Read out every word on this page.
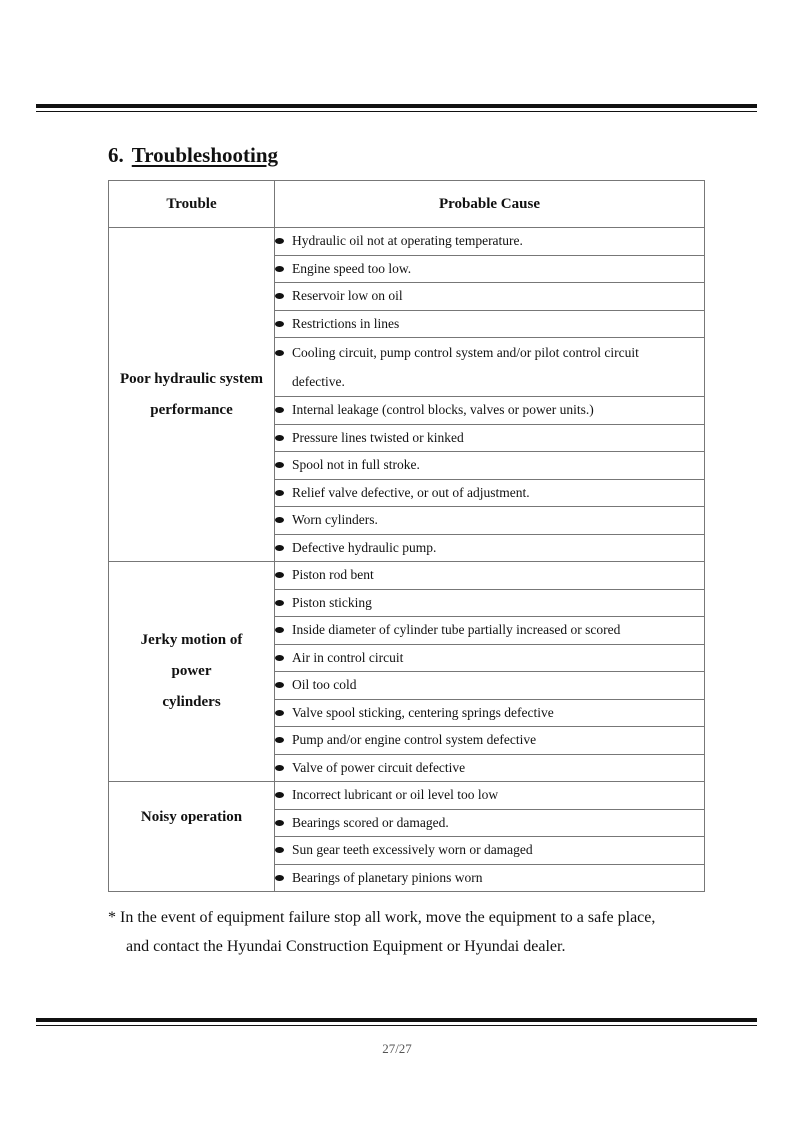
6. Troubleshooting
Trouble	Probable Cause

Poor hydraulic system
performance	Hydraulic oil not at operating temperature.
	Engine speed too low.
	Reservoir low on oil
	Restrictions in lines
	Cooling circuit, pump control system and/or pilot control circuit defective.
	Internal leakage (control blocks, valves or power units.)
	Pressure lines twisted or kinked
	Spool not in full stroke.
	Relief valve defective, or out of adjustment.
	Worn cylinders.
	Defective hydraulic pump.

Jerky motion of
power
cylinders	Piston rod bent
	Piston sticking
	Inside diameter of cylinder tube partially increased or scored
	Air in control circuit
	Oil too cold
	Valve spool sticking, centering springs defective
	Pump and/or engine control system defective
	Valve of power circuit defective

Noisy operation	Incorrect lubricant or oil level too low
	Bearings scored or damaged.
	Sun gear teeth excessively worn or damaged
	Bearings of planetary pinions worn
* In the event of equipment failure stop all work, move the equipment to a safe place,
and contact the Hyundai Construction Equipment or Hyundai dealer.
27/27
